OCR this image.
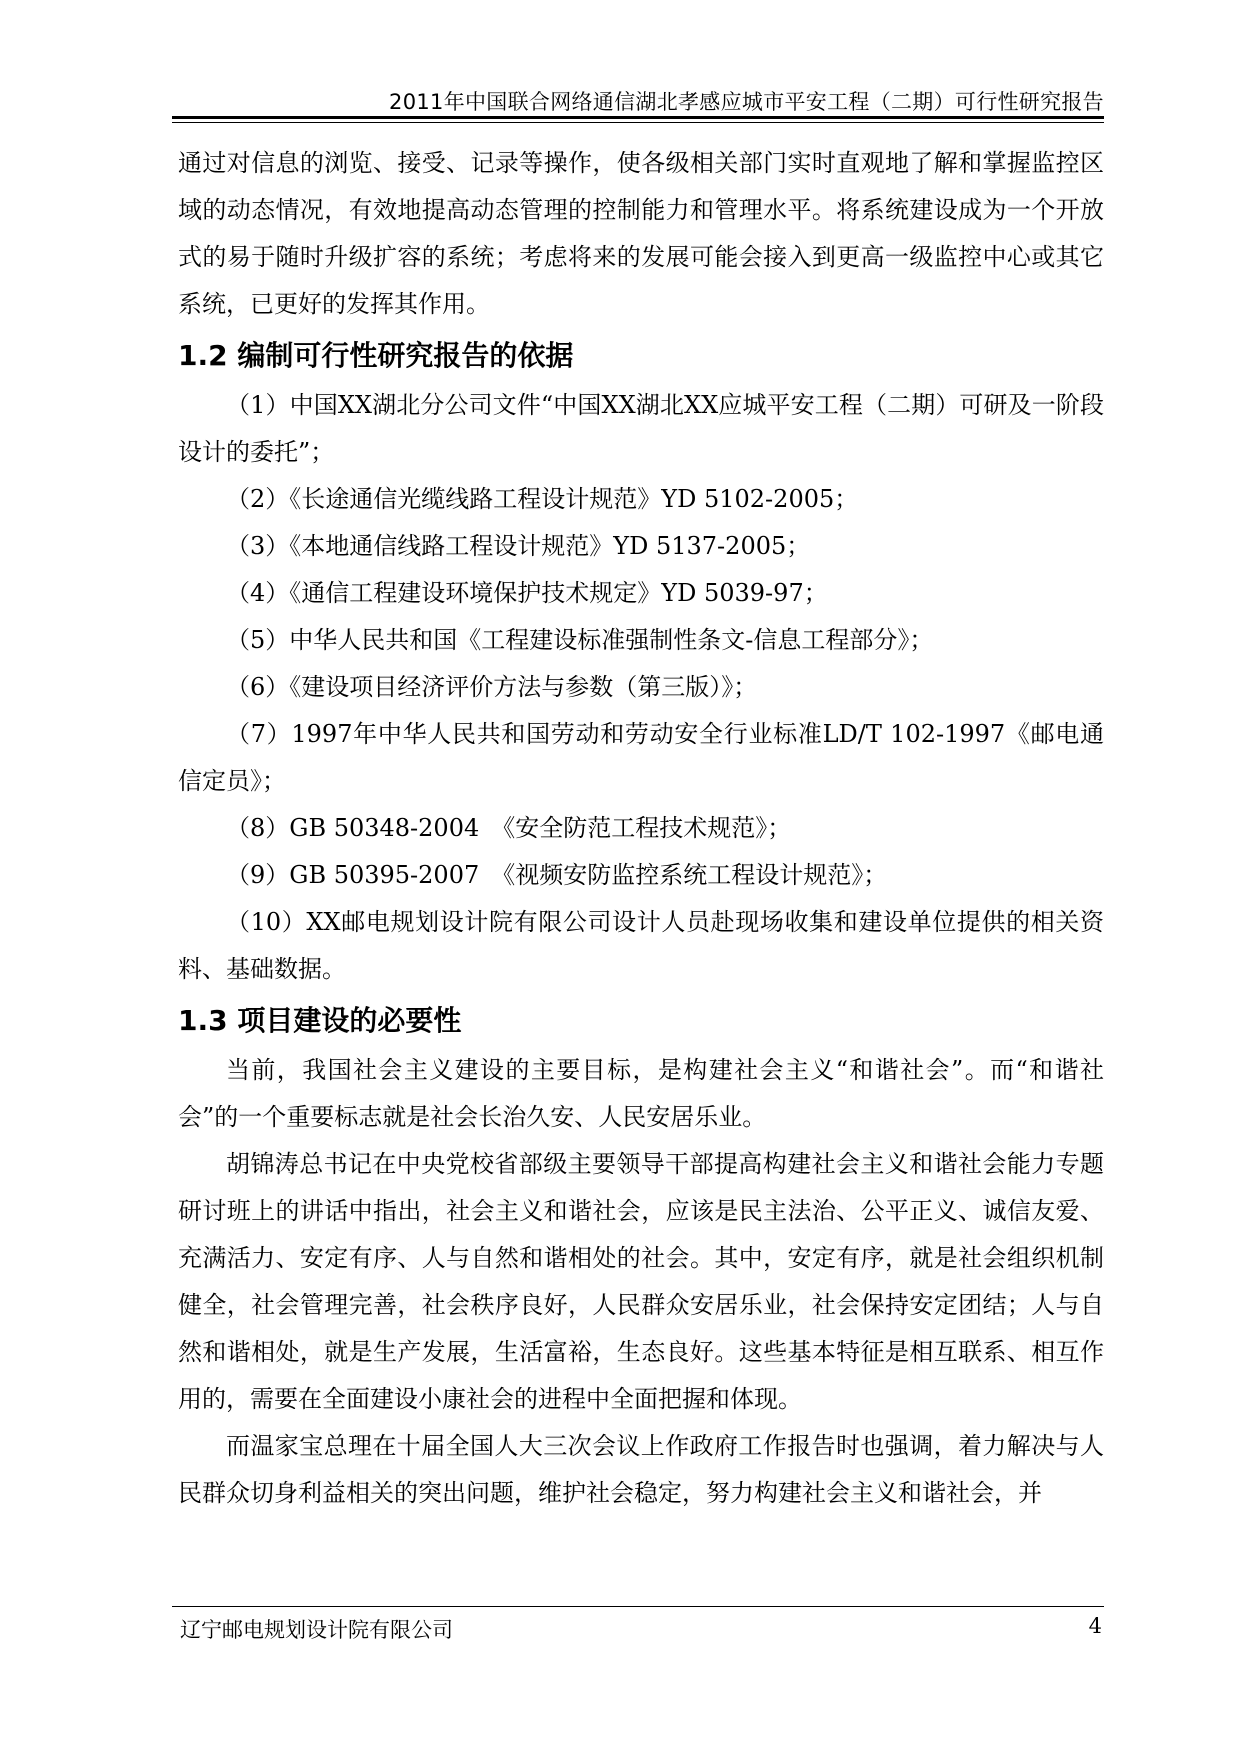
2011年中国联合网络通信湖北孝感应城市平安工程（二期）可行性研究报告

通过对信息的浏览、接受、记录等操作，使各级相关部门实时直观地了解和掌握监控区域的动态情况，有效地提高动态管理的控制能力和管理水平。将系统建设成为一个开放式的易于随时升级扩容的系统；考虑将来的发展可能会接入到更高一级监控中心或其它系统，已更好的发挥其作用。

1.2 编制可行性研究报告的依据

（1）中国XX湖北分公司文件“中国XX湖北XX应城平安工程（二期）可研及一阶段设计的委托”；

（2）《长途通信光缆线路工程设计规范》YD 5102-2005；

（3）《本地通信线路工程设计规范》YD 5137-2005；

（4）《通信工程建设环境保护技术规定》YD 5039-97；

（5）中华人民共和国《工程建设标准强制性条文-信息工程部分》；

（6）《建设项目经济评价方法与参数（第三版）》；

（7）1997年中华人民共和国劳动和劳动安全行业标准LD/T 102-1997《邮电通信定员》；

（8）GB 50348-2004　《安全防范工程技术规范》；

（9）GB 50395-2007　《视频安防监控系统工程设计规范》；

（10）XX邮电规划设计院有限公司设计人员赴现场收集和建设单位提供的相关资料、基础数据。

1.3 项目建设的必要性

当前，我国社会主义建设的主要目标，是构建社会主义“和谐社会”。而“和谐社会”的一个重要标志就是社会长治久安、人民安居乐业。

胡锦涛总书记在中央党校省部级主要领导干部提高构建社会主义和谐社会能力专题研讨班上的讲话中指出，社会主义和谐社会，应该是民主法治、公平正义、诚信友爱、充满活力、安定有序、人与自然和谐相处的社会。其中，安定有序，就是社会组织机制健全，社会管理完善，社会秩序良好，人民群众安居乐业，社会保持安定团结；人与自然和谐相处，就是生产发展，生活富裕，生态良好。这些基本特征是相互联系、相互作用的，需要在全面建设小康社会的进程中全面把握和体现。

而温家宝总理在十届全国人大三次会议上作政府工作报告时也强调，着力解决与人民群众切身利益相关的突出问题，维护社会稳定，努力构建社会主义和谐社会，并

辽宁邮电规划设计院有限公司	4
